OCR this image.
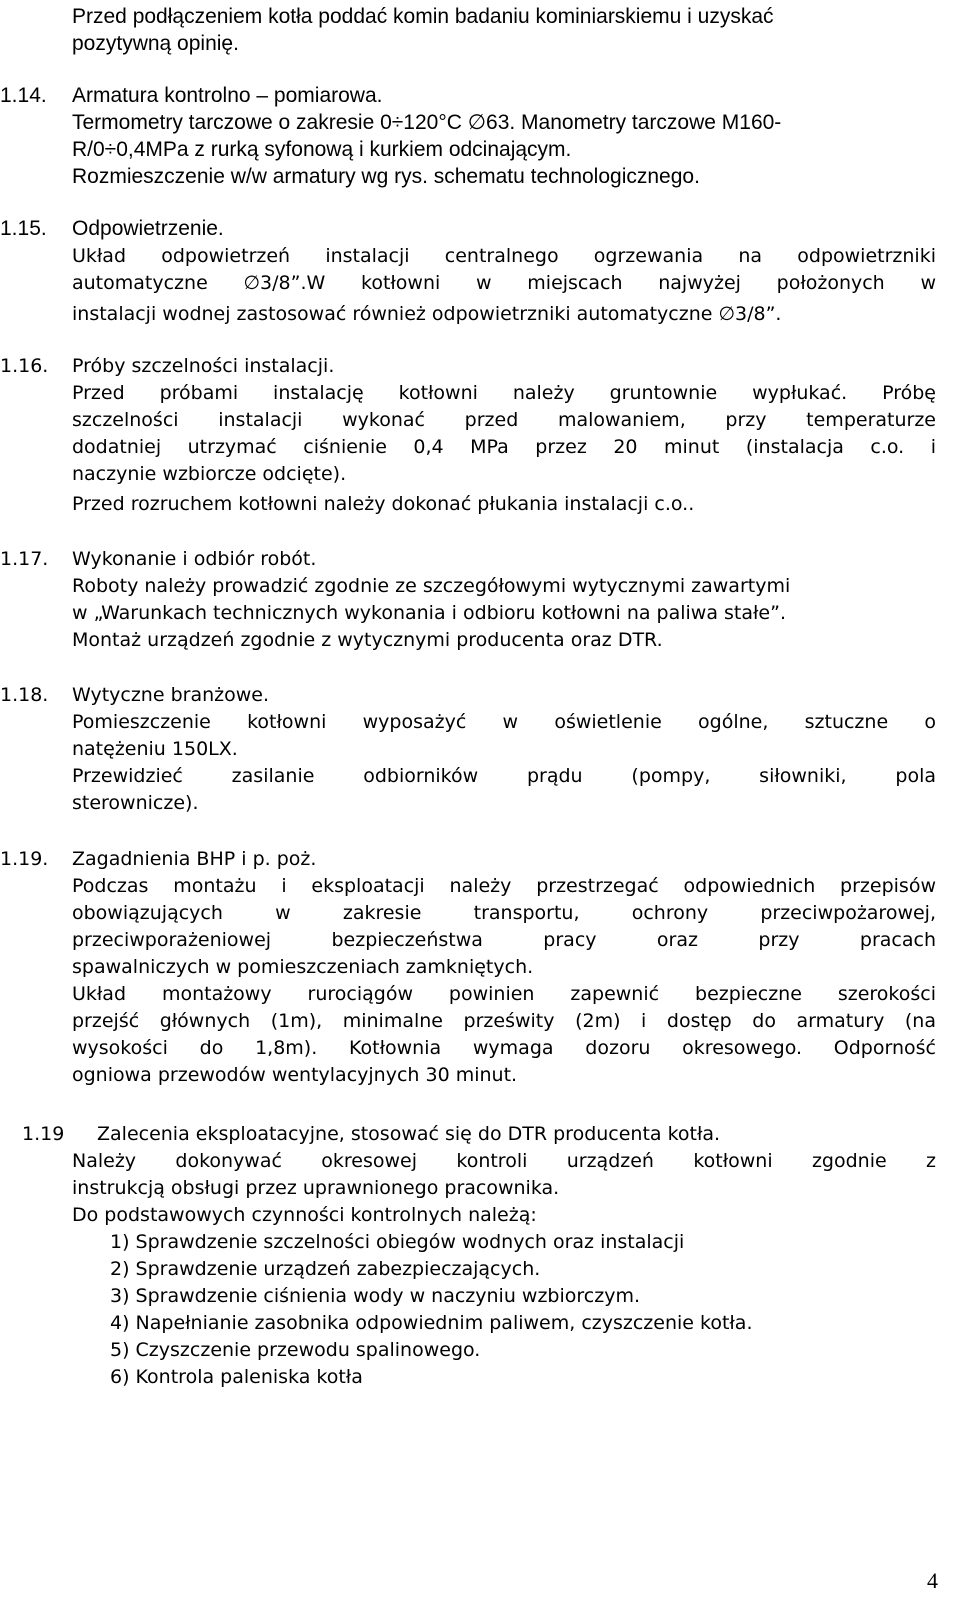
Przed podłączeniem kotła poddać komin badaniu kominiarskiemu i uzyskać
pozytywną opinię.
1.14. Armatura kontrolno – pomiarowa.
Termometry tarczowe o zakresie 0÷120°C ∅63. Manometry tarczowe M160-
R/0÷0,4MPa z rurką syfonową i kurkiem odcinającym.
Rozmieszczenie w/w armatury wg rys. schematu technologicznego.
1.15. Odpowietrzenie.
Układ odpowietrzeń instalacji centralnego ogrzewania na odpowietrzniki
automatyczne ∅3/8”.W kotłowni w miejscach najwyżej położonych w
instalacji wodnej zastosować również odpowietrzniki automatyczne ∅3/8”.
1.16. Próby szczelności instalacji.
Przed próbami instalację kotłowni należy gruntownie wypłukać. Próbę
szczelności instalacji wykonać przed malowaniem, przy temperaturze
dodatniej utrzymać ciśnienie 0,4 MPa przez 20 minut (instalacja c.o. i
naczynie wzbiorcze odcięte).
Przed rozruchem kotłowni należy dokonać płukania instalacji c.o..
1.17. Wykonanie i odbiór robót.
Roboty należy prowadzić zgodnie ze szczegółowymi wytycznymi zawartymi
w „Warunkach technicznych wykonania i odbioru kotłowni na paliwa stałe”.
Montaż urządzeń zgodnie z wytycznymi producenta oraz DTR.
1.18. Wytyczne branżowe.
Pomieszczenie kotłowni wyposażyć w oświetlenie ogólne, sztuczne o
natężeniu 150LX.
Przewidzieć zasilanie odbiorników prądu (pompy, siłowniki, pola
sterownicze).
1.19. Zagadnienia BHP i p. poż.
Podczas montażu i eksploatacji należy przestrzegać odpowiednich przepisów
obowiązujących w zakresie transportu, ochrony przeciwpożarowej,
przeciwporażeniowej bezpieczeństwa pracy oraz przy pracach
spawalniczych w pomieszczeniach zamkniętych.
Układ montażowy rurociągów powinien zapewnić bezpieczne szerokości
przejść głównych (1m), minimalne prześwity (2m) i dostęp do armatury (na
wysokości do 1,8m). Kotłownia wymaga dozoru okresowego. Odporność
ogniowa przewodów wentylacyjnych 30 minut.
1.19 Zalecenia eksploatacyjne, stosować się do DTR producenta kotła.
Należy dokonywać okresowej kontroli urządzeń kotłowni zgodnie z
instrukcją obsługi przez uprawnionego pracownika.
Do podstawowych czynności kontrolnych należą:
1) Sprawdzenie szczelności obiegów wodnych oraz instalacji
2) Sprawdzenie urządzeń zabezpieczających.
3) Sprawdzenie ciśnienia wody w naczyniu wzbiorczym.
4) Napełnianie zasobnika odpowiednim paliwem, czyszczenie kotła.
5) Czyszczenie przewodu spalinowego.
6) Kontrola paleniska kotła
4
